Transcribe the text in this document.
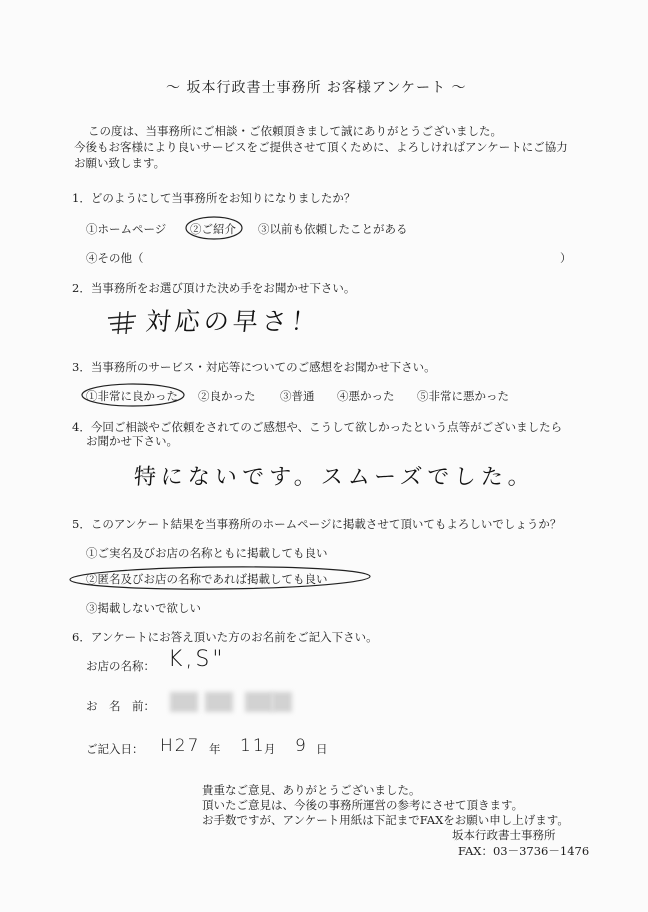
～ 坂本行政書士事務所 お客様アンケート ～
この度は、当事務所にご相談・ご依頼頂きまして誠にありがとうございました。
今後もお客様により良いサービスをご提供させて頂くために、よろしければアンケートにご協力
お願い致します。
1．どのようにして当事務所をお知りになりましたか？
①ホームページ ②ご紹介 ③以前も依頼したことがある
④その他（	）
2．当事務所をお選び頂けた決め手をお聞かせ下さい。
対応の早さ！
3．当事務所のサービス・対応等についてのご感想をお聞かせ下さい。
①非常に良かった ②良かった ③普通 ④悪かった ⑤非常に悪かった
4．今回ご相談やご依頼をされてのご感想や、こうして欲しかったという点等がございましたら
お聞かせ下さい。
特にないです。スムーズでした。
5．このアンケート結果を当事務所のホームページに掲載させて頂いてもよろしいでしょうか？
①ご実名及びお店の名称ともに掲載しても良い
②匿名及びお店の名称であれば掲載しても良い
③掲載しないで欲しい
6．アンケートにお答え頂いた方のお名前をご記入下さい。
お店の名称： K,S"
お　名　前：
ご記入日： H27 年 11
月 9 日
貴重なご意見、ありがとうございました。
頂いたご意見は、今後の事務所運営の参考にさせて頂きます。
お手数ですが、アンケート用紙は下記までFAXをお願い申し上げます。
坂本行政書士事務所
FAX：03－3736－1476
